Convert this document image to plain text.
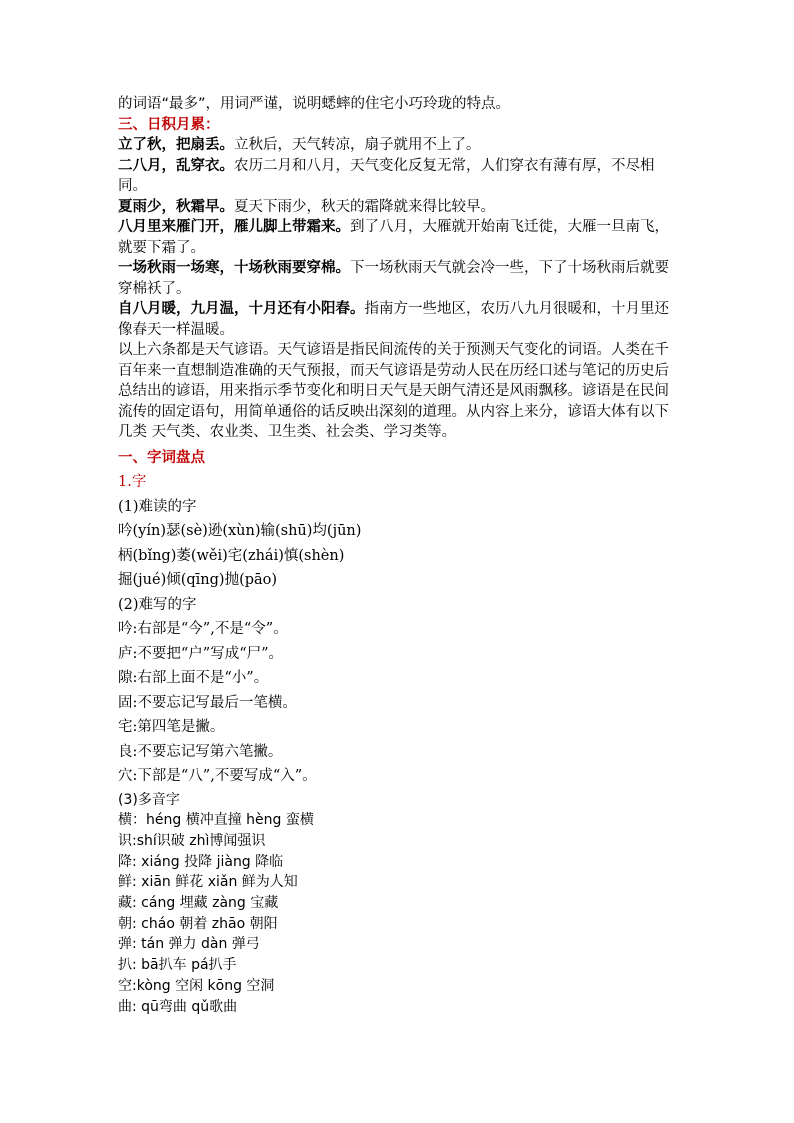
的词语“最多”，用词严谨，说明蟋蟀的住宅小巧玲珑的特点。

三、日积月累：

立了秋，把扇丢。立秋后，天气转凉，扇子就用不上了。

二八月，乱穿衣。农历二月和八月，天气变化反复无常，人们穿衣有薄有厚，不尽相同。

夏雨少，秋霜早。夏天下雨少，秋天的霜降就来得比较早。

八月里来雁门开，雁儿脚上带霜来。到了八月，大雁就开始南飞迁徙，大雁一旦南飞，就要下霜了。

一场秋雨一场寒，十场秋雨要穿棉。下一场秋雨天气就会冷一些，下了十场秋雨后就要穿棉袄了。

自八月暖，九月温，十月还有小阳春。指南方一些地区，农历八九月很暖和，十月里还像春天一样温暖。

以上六条都是天气谚语。天气谚语是指民间流传的关于预测天气变化的词语。人类在千百年来一直想制造准确的天气预报，而天气谚语是劳动人民在历经口述与笔记的历史后总结出的谚语，用来指示季节变化和明日天气是天朗气清还是风雨飘移。谚语是在民间流传的固定语句，用简单通俗的话反映出深刻的道理。从内容上来分，谚语大体有以下几类 天气类、农业类、卫生类、社会类、学习类等。

一、字词盘点

1.字

(1)难读的字

吟(yín)瑟(sè)逊(xùn)输(shū)均(jūn)

柄(bǐng)萎(wěi)宅(zhái)慎(shèn)

掘(jué)倾(qīng)抛(pāo)

(2)难写的字

吟:右部是“今”,不是“令”。

庐:不要把“户”写成“尸”。

隙:右部上面不是“小”。

固:不要忘记写最后一笔横。

宅:第四笔是撇。

良:不要忘记写第六笔撇。

穴:下部是“八”,不要写成“入”。

(3)多音字

横：héng 横冲直撞 hèng 蛮横

识:shí识破 zhì博闻强识

降: xiáng 投降 jiàng 降临

鲜: xiān 鲜花 xiǎn 鲜为人知

藏: cáng 埋藏 zàng 宝藏

朝: cháo 朝着 zhāo 朝阳

弹: tán 弹力 dàn 弹弓

扒: bā扒车 pá扒手

空:kòng 空闲 kōng 空洞

曲: qū弯曲 qǔ歌曲
